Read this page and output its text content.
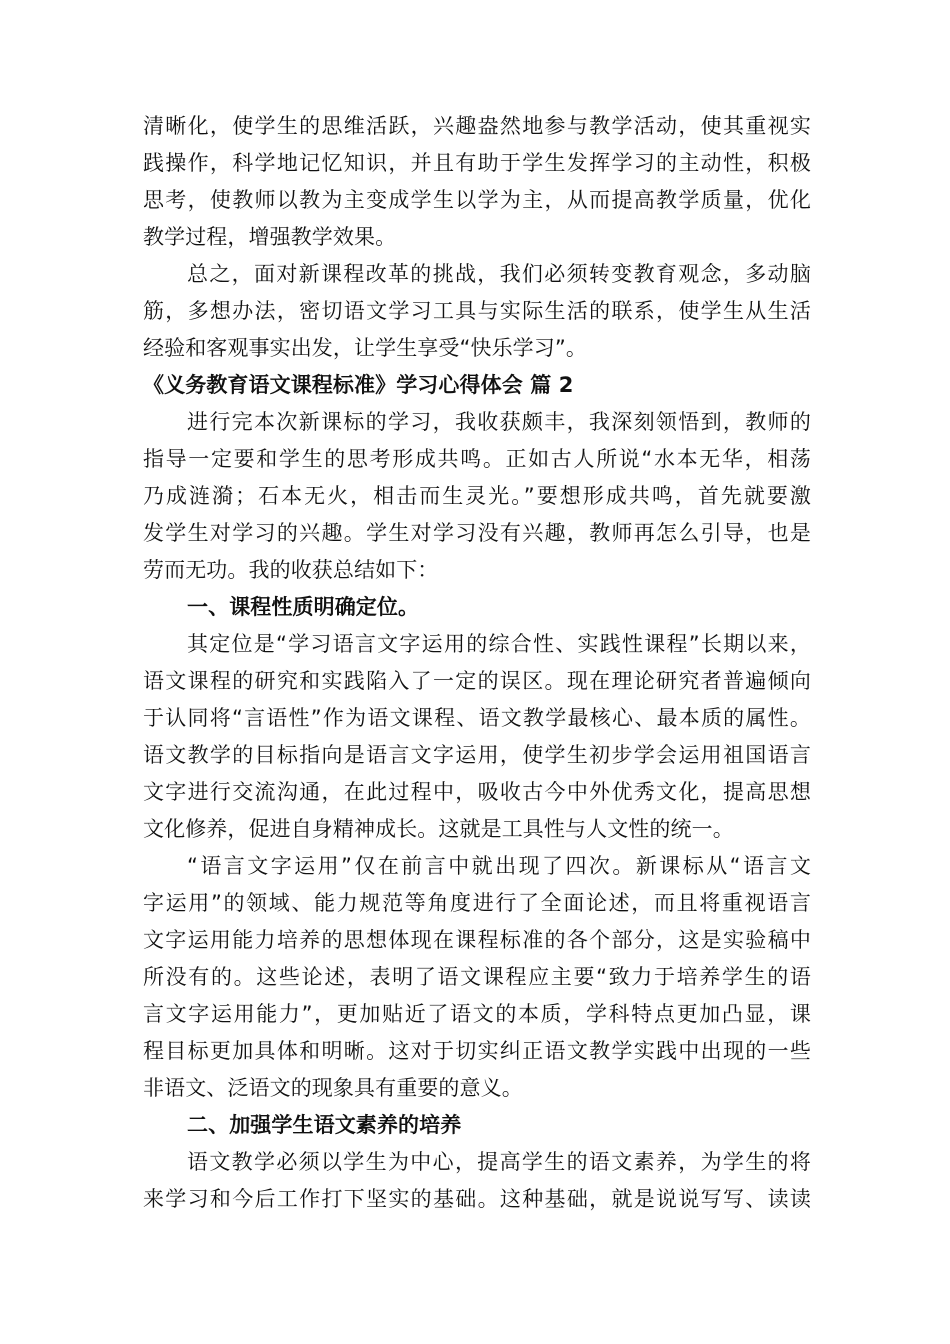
清晰化，使学生的思维活跃，兴趣盎然地参与教学活动，使其重视实
践操作，科学地记忆知识，并且有助于学生发挥学习的主动性，积极
思考，使教师以教为主变成学生以学为主，从而提高教学质量，优化
教学过程，增强教学效果。
总之，面对新课程改革的挑战，我们必须转变教育观念，多动脑
筋，多想办法，密切语文学习工具与实际生活的联系，使学生从生活
经验和客观事实出发，让学生享受“快乐学习”。
《义务教育语文课程标准》学习心得体会 篇 2
进行完本次新课标的学习，我收获颇丰，我深刻领悟到，教师的
指导一定要和学生的思考形成共鸣。正如古人所说“水本无华，相荡
乃成涟漪；石本无火，相击而生灵光。”要想形成共鸣，首先就要激
发学生对学习的兴趣。学生对学习没有兴趣，教师再怎么引导，也是
劳而无功。我的收获总结如下：
一、课程性质明确定位。
其定位是“学习语言文字运用的综合性、实践性课程”长期以来，
语文课程的研究和实践陷入了一定的误区。现在理论研究者普遍倾向
于认同将“言语性”作为语文课程、语文教学最核心、最本质的属性。
语文教学的目标指向是语言文字运用，使学生初步学会运用祖国语言
文字进行交流沟通，在此过程中，吸收古今中外优秀文化，提高思想
文化修养，促进自身精神成长。这就是工具性与人文性的统一。
“语言文字运用”仅在前言中就出现了四次。新课标从“语言文
字运用”的领域、能力规范等角度进行了全面论述，而且将重视语言
文字运用能力培养的思想体现在课程标准的各个部分，这是实验稿中
所没有的。这些论述，表明了语文课程应主要“致力于培养学生的语
言文字运用能力”，更加贴近了语文的本质，学科特点更加凸显，课
程目标更加具体和明晰。这对于切实纠正语文教学实践中出现的一些
非语文、泛语文的现象具有重要的意义。
二、加强学生语文素养的培养
语文教学必须以学生为中心，提高学生的语文素养，为学生的将
来学习和今后工作打下坚实的基础。这种基础，就是说说写写、读读
